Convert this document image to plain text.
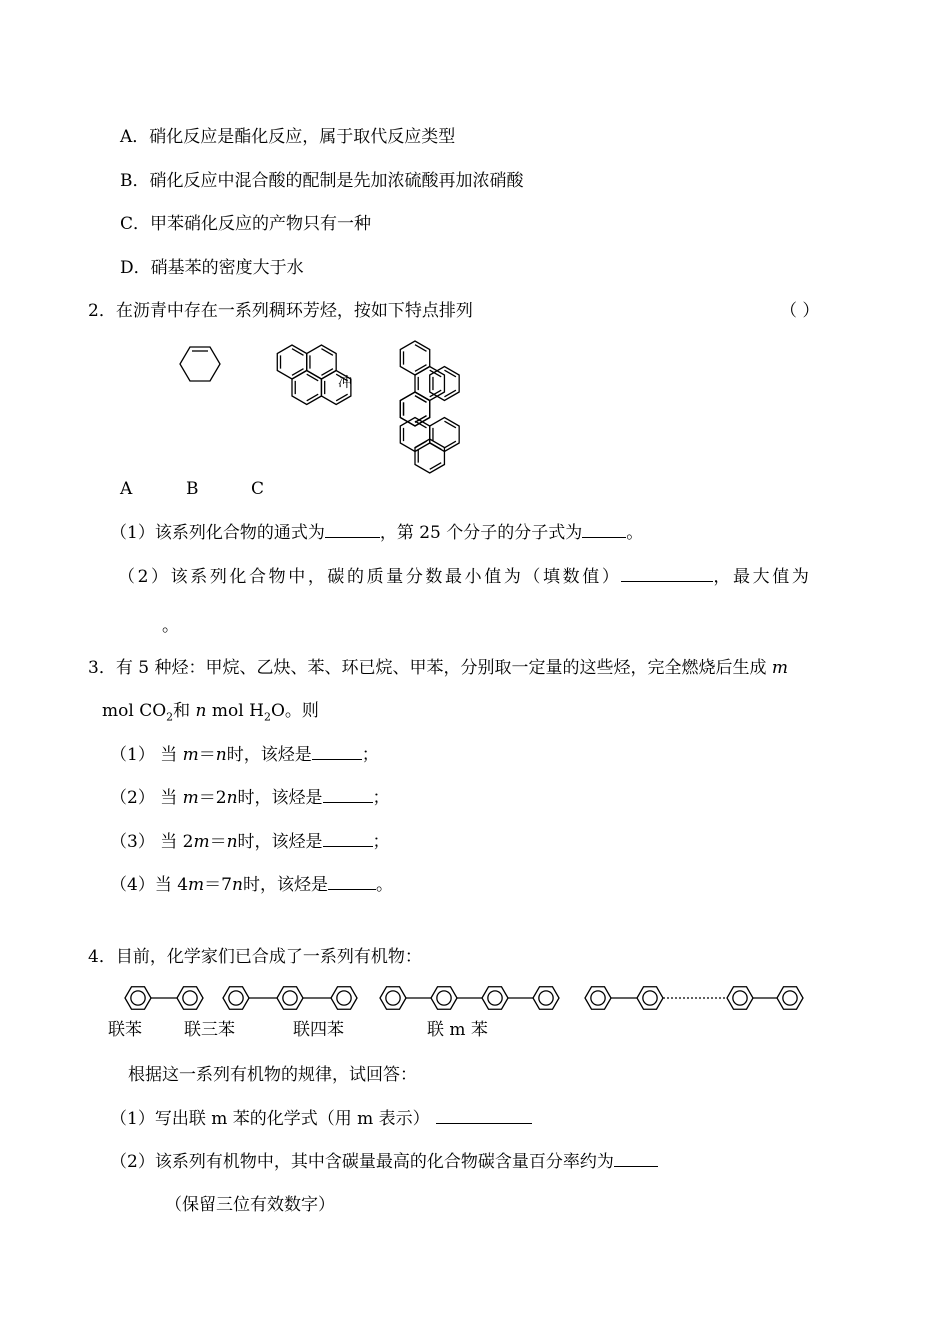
A．硝化反应是酯化反应，属于取代反应类型
B．硝化反应中混合酸的配制是先加浓硫酸再加浓硝酸
C．甲苯硝化反应的产物只有一种
D．硝基苯的密度大于水
2．在沥青中存在一系列稠环芳烃，按如下特点排列	（ ）
冲
A	B	C
（1）该系列化合物的通式为	，第 25 个分子的分子式为	。
（2）该系列化合物中，碳的质量分数最小值为（填数值）	，最大值为
。
3．有 5 种烃：甲烷、乙炔、苯、环已烷、甲苯，分别取一定量的这些烃，完全燃烧后生成 m
mol $CO_2$和 n mol $H_2O$。则
（1） 当 m＝n时，该烃是	；
（2） 当 m＝2n时，该烃是	；
（3） 当 2m＝n时，该烃是	；
（4）当 4m＝7n时，该烃是	。
4．目前，化学家们已合成了一系列有机物：
联苯 联三苯	联四苯	联 m 苯
根据这一系列有机物的规律，试回答：
（1）写出联 m 苯的化学式（用 m 表示）
（2）该系列有机物中，其中含碳量最高的化合物碳含量百分率约为
（保留三位有效数字）
